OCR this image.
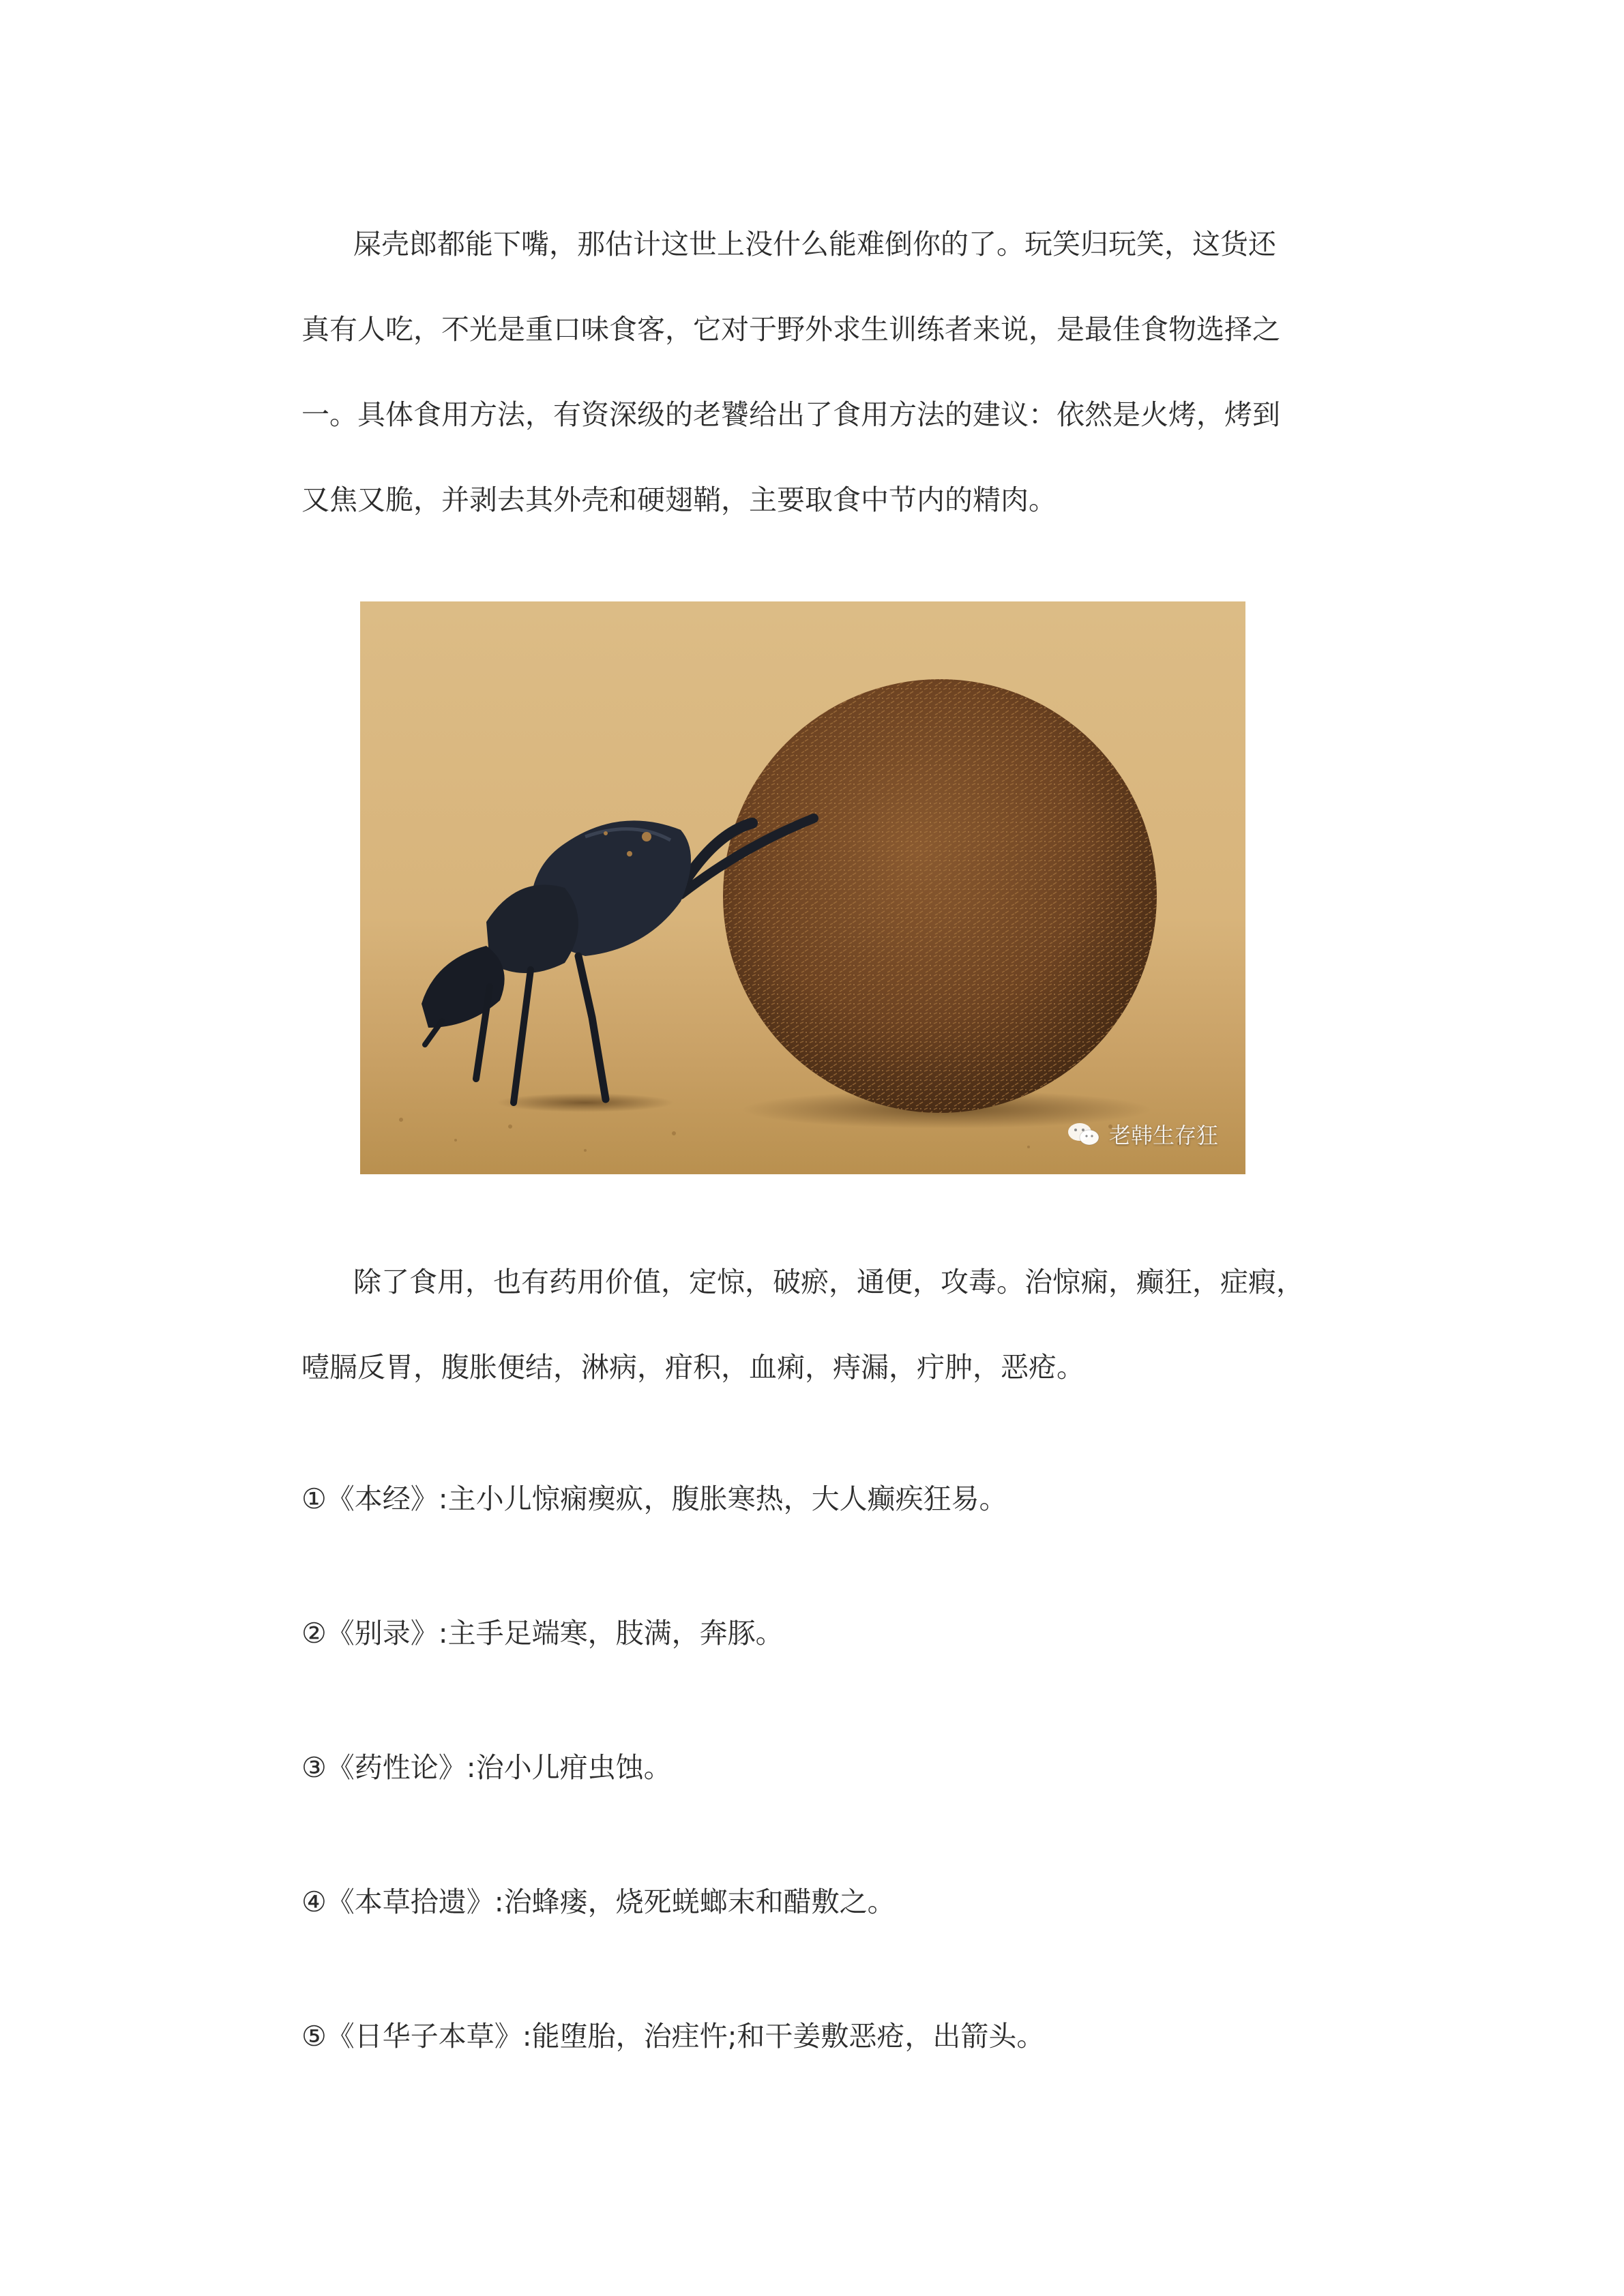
屎壳郎都能下嘴，那估计这世上没什么能难倒你的了。玩笑归玩笑，这货还
真有人吃，不光是重口味食客，它对于野外求生训练者来说，是最佳食物选择之
一。具体食用方法，有资深级的老饕给出了食用方法的建议：依然是火烤，烤到
又焦又脆，并剥去其外壳和硬翅鞘，主要取食中节内的精肉。

老韩生存狂

除了食用，也有药用价值，定惊，破瘀，通便，攻毒。治惊痫，癫狂，症瘕，
噎膈反胃，腹胀便结，淋病，疳积，血痢，痔漏，疔肿，恶疮。

①《本经》:主小儿惊痫瘈疭，腹胀寒热，大人癫疾狂易。

②《别录》:主手足端寒，肢满，奔豚。

③《药性论》:治小儿疳虫蚀。

④《本草拾遗》:治蜂瘘，烧死蜣螂末和醋敷之。

⑤《日华子本草》:能堕胎，治疰忤;和干姜敷恶疮，出箭头。
